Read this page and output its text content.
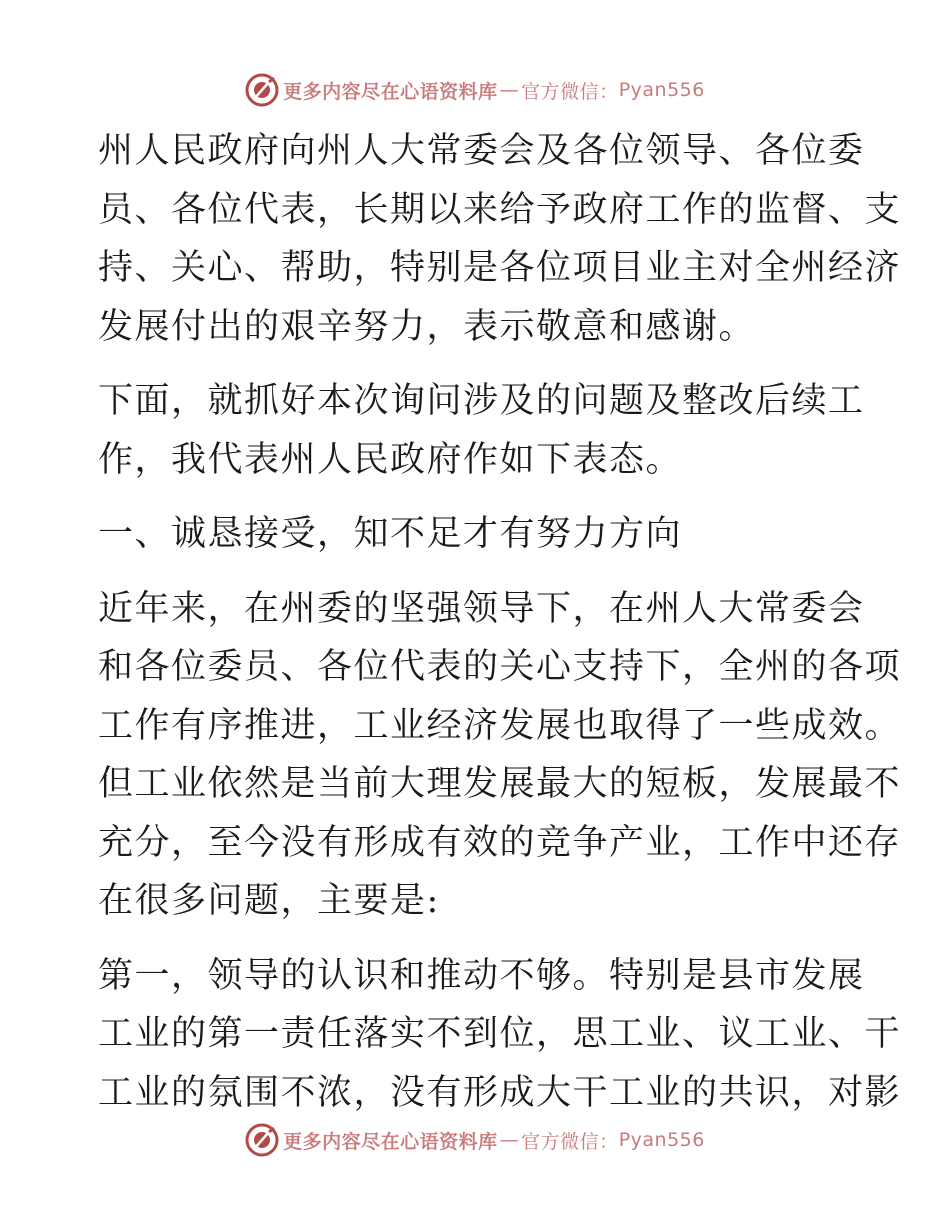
更多内容尽在心语资料库 — 官方微信： Pyan556
州人民政府向州人大常委会及各位领导、各位委
员、各位代表，长期以来给予政府工作的监督、支
持、关心、帮助，特别是各位项目业主对全州经济
发展付出的艰辛努力，表示敬意和感谢。
下面，就抓好本次询问涉及的问题及整改后续工
作，我代表州人民政府作如下表态。
一、诚恳接受，知不足才有努力方向
近年来，在州委的坚强领导下，在州人大常委会
和各位委员、各位代表的关心支持下，全州的各项
工作有序推进，工业经济发展也取得了一些成效。
但工业依然是当前大理发展最大的短板，发展最不
充分，至今没有形成有效的竞争产业，工作中还存
在很多问题，主要是:
第一，领导的认识和推动不够。特别是县市发展
工业的第一责任落实不到位，思工业、议工业、干
工业的氛围不浓，没有形成大干工业的共识，对影
更多内容尽在心语资料库 — 官方微信： Pyan556
